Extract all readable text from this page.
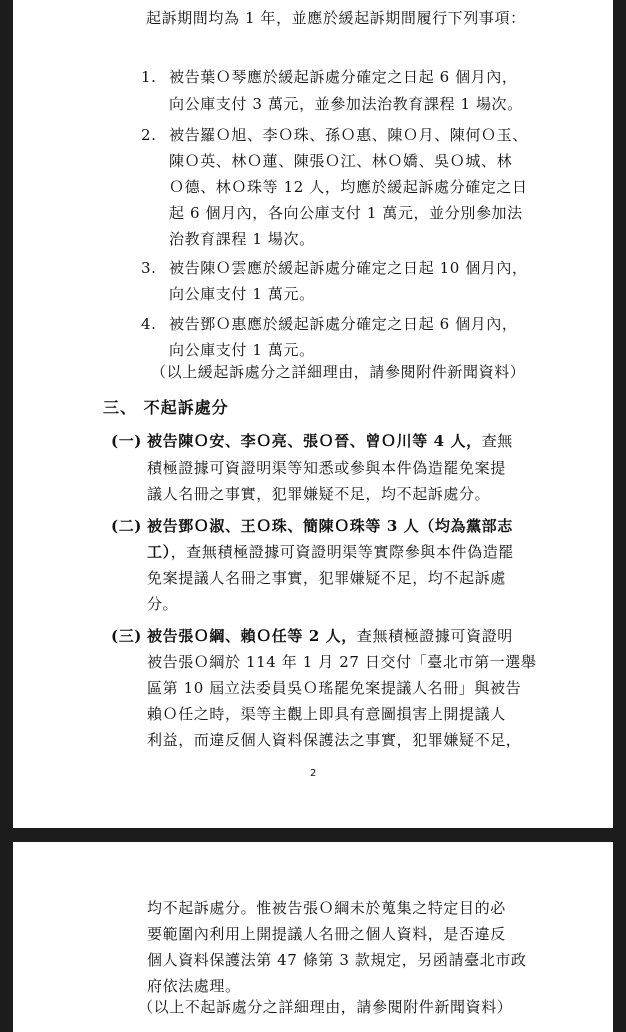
起訴期間均為 1 年，並應於緩起訴期間履行下列事項：
1. 被告葉Ｏ琴應於緩起訴處分確定之日起 6 個月內，
向公庫支付 3 萬元，並參加法治教育課程 1 場次。
2. 被告羅Ｏ旭、李Ｏ珠、孫Ｏ惠、陳Ｏ月、陳何Ｏ玉、
陳Ｏ英、林Ｏ蓮、陳張Ｏ江、林Ｏ嬌、吳Ｏ城、林
Ｏ德、林Ｏ珠等 12 人，均應於緩起訴處分確定之日
起 6 個月內，各向公庫支付 1 萬元，並分別參加法
治教育課程 1 場次。
3. 被告陳Ｏ雲應於緩起訴處分確定之日起 10 個月內，
向公庫支付 1 萬元。
4. 被告鄧Ｏ惠應於緩起訴處分確定之日起 6 個月內，
向公庫支付 1 萬元。
（以上緩起訴處分之詳細理由，請參閱附件新聞資料）
三、 不起訴處分
(一) 被告陳Ｏ安、李Ｏ亮、張Ｏ晉、曾Ｏ川等 4 人，查無
積極證據可資證明渠等知悉或參與本件偽造罷免案提
議人名冊之事實，犯罪嫌疑不足，均不起訴處分。
(二) 被告鄧Ｏ淑、王Ｏ珠、簡陳Ｏ珠等 3 人（均為黨部志
工），查無積極證據可資證明渠等實際參與本件偽造罷
免案提議人名冊之事實，犯罪嫌疑不足，均不起訴處
分。
(三) 被告張Ｏ綱、賴Ｏ任等 2 人，查無積極證據可資證明
被告張Ｏ綱於 114 年 1 月 27 日交付「臺北市第一選舉
區第 10 屆立法委員吳Ｏ瑤罷免案提議人名冊」與被告
賴Ｏ任之時，渠等主觀上即具有意圖損害上開提議人
利益，而違反個人資料保護法之事實，犯罪嫌疑不足，
2
均不起訴處分。惟被告張Ｏ綱未於蒐集之特定目的必
要範圍內利用上開提議人名冊之個人資料，是否違反
個人資料保護法第 47 條第 3 款規定，另函請臺北市政
府依法處理。
（以上不起訴處分之詳細理由，請參閱附件新聞資料）
